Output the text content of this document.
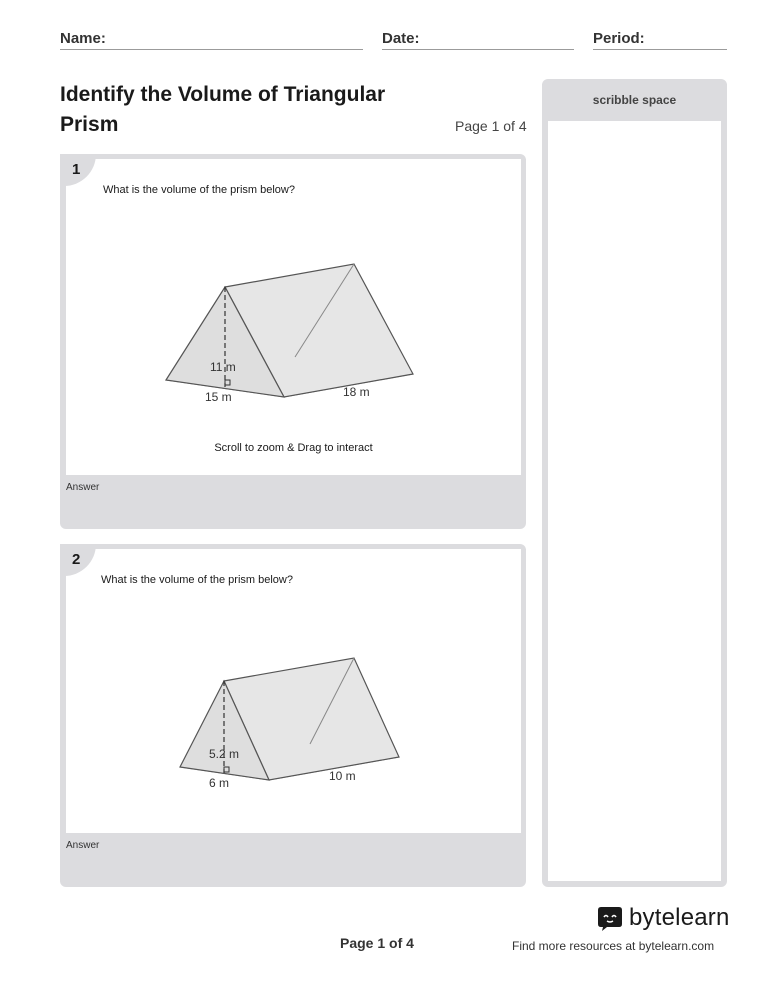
Name:	Date:	Period:
Identify the Volume of Triangular Prism	Page 1 of 4
scribble space
What is the volume of the prism below?
11 m
15 m	18 m
Scroll to zoom & Drag to interact
1
Answer
What is the volume of the prism below?
5.2 m
6 m	10 m
2
Answer
bytelearn
Page 1 of 4	Find more resources at bytelearn.com
